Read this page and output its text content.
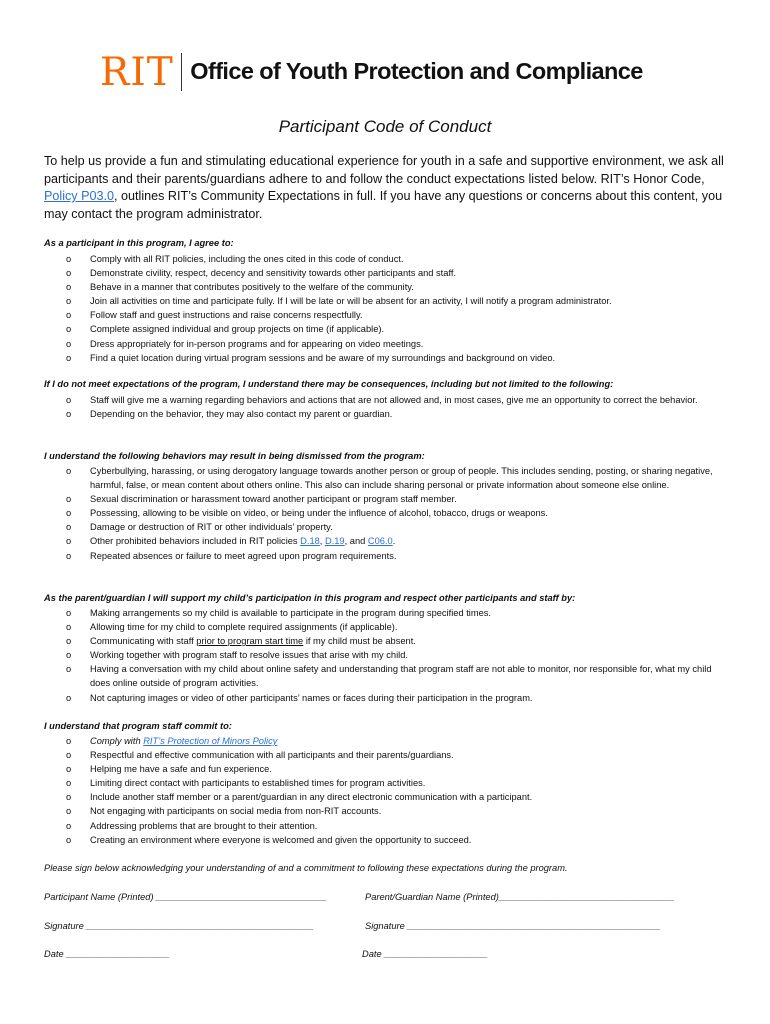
RIT Office of Youth Protection and Compliance
Participant Code of Conduct

To help us provide a fun and stimulating educational experience for youth in a safe and supportive environment, we ask all participants and their parents/guardians adhere to and follow the conduct expectations listed below. RIT’s Honor Code, Policy P03.0, outlines RIT’s Community Expectations in full. If you have any questions or concerns about this content, you may contact the program administrator.

As a participant in this program, I agree to:
o	Comply with all RIT policies, including the ones cited in this code of conduct.
o	Demonstrate civility, respect, decency and sensitivity towards other participants and staff.
o	Behave in a manner that contributes positively to the welfare of the community.
o	Join all activities on time and participate fully. If I will be late or will be absent for an activity, I will notify a program administrator.
o	Follow staff and guest instructions and raise concerns respectfully.
o	Complete assigned individual and group projects on time (if applicable).
o	Dress appropriately for in-person programs and for appearing on video meetings.
o	Find a quiet location during virtual program sessions and be aware of my surroundings and background on video.
If I do not meet expectations of the program, I understand there may be consequences, including but not limited to the following:
o	Staff will give me a warning regarding behaviors and actions that are not allowed and, in most cases, give me an opportunity to correct the behavior.
o	Depending on the behavior, they may also contact my parent or guardian.
I understand the following behaviors may result in being dismissed from the program:
o	Cyberbullying, harassing, or using derogatory language towards another person or group of people. This includes sending, posting, or sharing negative, harmful, false, or mean content about others online. This also can include sharing personal or private information about someone else online.
o	Sexual discrimination or harassment toward another participant or program staff member.
o	Possessing, allowing to be visible on video, or being under the influence of alcohol, tobacco, drugs or weapons.
o	Damage or destruction of RIT or other individuals’ property.
o	Other prohibited behaviors included in RIT policies D.18, D.19, and C06.0.
o	Repeated absences or failure to meet agreed upon program requirements.
As the parent/guardian I will support my child’s participation in this program and respect other participants and staff by:
o	Making arrangements so my child is available to participate in the program during specified times.
o	Allowing time for my child to complete required assignments (if applicable).
o	Communicating with staff prior to program start time if my child must be absent.
o	Working together with program staff to resolve issues that arise with my child.
o	Having a conversation with my child about online safety and understanding that program staff are not able to monitor, nor responsible for, what my child does online outside of program activities.
o	Not capturing images or video of other participants’ names or faces during their participation in the program.
I understand that program staff commit to:
o	Comply with RIT’s Protection of Minors Policy
o	Respectful and effective communication with all participants and their parents/guardians.
o	Helping me have a safe and fun experience.
o	Limiting direct contact with participants to established times for program activities.
o	Include another staff member or a parent/guardian in any direct electronic communication with a participant.
o	Not engaging with participants on social media from non-RIT accounts.
o	Addressing problems that are brought to their attention.
o	Creating an environment where everyone is welcomed and given the opportunity to succeed.
Please sign below acknowledging your understanding of and a commitment to following these expectations during the program.
Participant Name (Printed) _________________________________	Parent/Guardian Name (Printed)__________________________________
Signature ____________________________________________	Signature _________________________________________________
Date ____________________	Date ____________________
